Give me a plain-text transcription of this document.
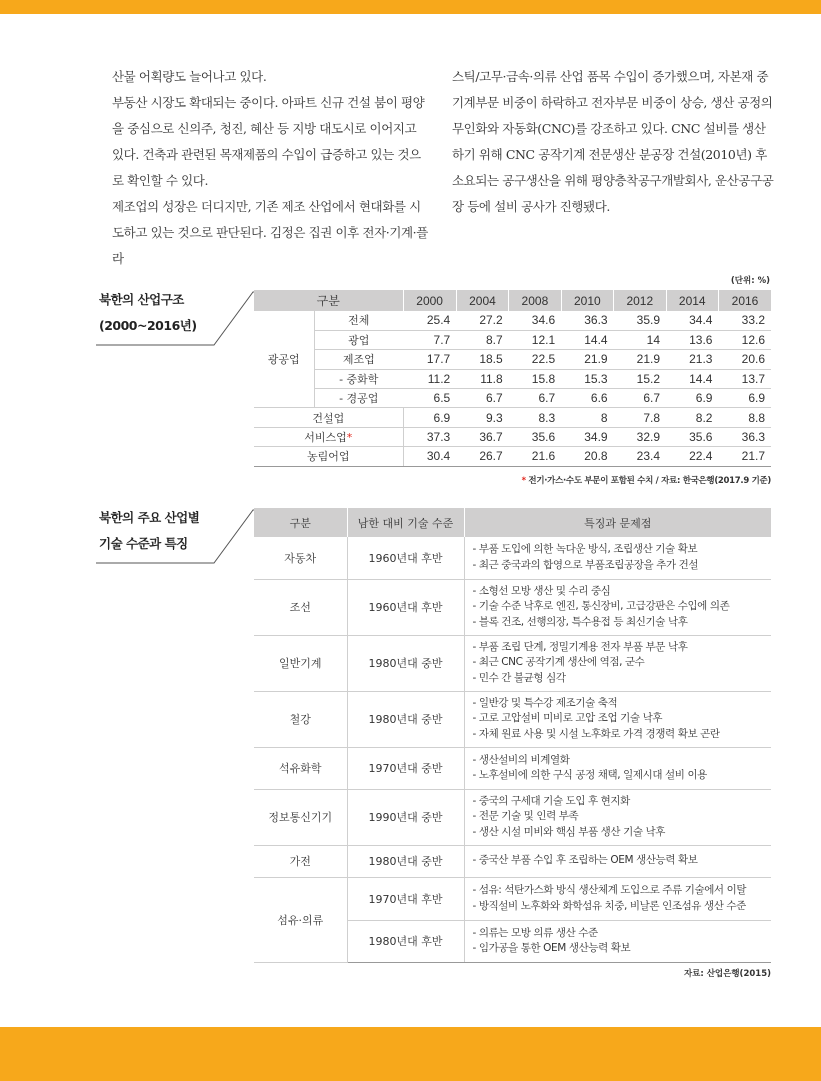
산물 어획량도 늘어나고 있다.

부동산 시장도 확대되는 중이다. 아파트 신규 건설 붐이 평양을 중심으로 신의주, 청진, 혜산 등 지방 대도시로 이어지고 있다. 건축과 관련된 목재제품의 수입이 급증하고 있는 것으로 확인할 수 있다.

제조업의 성장은 더디지만, 기존 제조 산업에서 현대화를 시도하고 있는 것으로 판단된다. 김정은 집권 이후 전자·기계·플라

스틱/고무·금속·의류 산업 품목 수입이 증가했으며, 자본재 중 기계부문 비중이 하락하고 전자부문 비중이 상승, 생산 공정의 무인화와 자동화(CNC)를 강조하고 있다. CNC 설비를 생산하기 위해 CNC 공작기계 전문생산 분공장 건설(2010년) 후 소요되는 공구생산을 위해 평양층착공구개발회사, 운산공구공장 등에 설비 공사가 진행됐다.

북한의 산업구조
(2000~2016년)
(단위: %)
구분		2000	2004	2008	2010	2012	2014	2016
광공업	전체	25.4	27.2	34.6	36.3	35.9	34.4	33.2
	광업	7.7	8.7	12.1	14.4	14	13.6	12.6
	제조업	17.7	18.5	22.5	21.9	21.9	21.3	20.6
	- 중화학	11.2	11.8	15.8	15.3	15.2	14.4	13.7
	- 경공업	6.5	6.7	6.7	6.6	6.7	6.9	6.9
건설업		6.9	9.3	8.3	8	7.8	8.2	8.8
서비스업*		37.3	36.7	35.6	34.9	32.9	35.6	36.3
농림어업		30.4	26.7	21.6	20.8	23.4	22.4	21.7
* 전기·가스·수도 부문이 포함된 수치 / 자료: 한국은행(2017.9 기준)
북한의 주요 산업별
기술 수준과 특징
구분	남한 대비 기술 수준	특징과 문제점
자동차	1960년대 후반	- 부품 도입에 의한 녹다운 방식, 조립생산 기술 확보
- 최근 중국과의 합영으로 부품조립공장을 추가 건설

조선	1960년대 후반	- 소형선 모방 생산 및 수리 중심
- 기술 수준 낙후로 엔진, 통신장비, 고급강판은 수입에 의존
- 블록 건조, 선행의장, 특수용접 등 최신기술 낙후

일반기계	1980년대 중반	- 부품 조립 단계, 정밀기계용 전자 부품 부문 낙후
- 최근 CNC 공작기계 생산에 역점, 군수
- 민수 간 불균형 심각

철강	1980년대 중반	- 일반강 및 특수강 제조기술 축적
- 고로 고압설비 미비로 고압 조업 기술 낙후
- 자체 원료 사용 및 시설 노후화로 가격 경쟁력 확보 곤란

석유화학	1970년대 중반	- 생산설비의 비계열화
- 노후설비에 의한 구식 공정 채택, 일제시대 설비 이용

정보통신기기	1990년대 중반	- 중국의 구세대 기술 도입 후 현지화
- 전문 기술 및 인력 부족
- 생산 시설 미비와 핵심 부품 생산 기술 낙후

가전	1980년대 중반	- 중국산 부품 수입 후 조립하는 OEM 생산능력 확보

섬유·의류	1970년대 후반	- 섬유: 석탄가스화 방식 생산체계 도입으로 주류 기술에서 이탈
- 방직설비 노후화와 화학섬유 치중, 비날론 인조섬유 생산 수준

	1980년대 후반	- 의류는 모방 의류 생산 수준
- 임가공을 통한 OEM 생산능력 확보
자료: 산업은행(2015)
